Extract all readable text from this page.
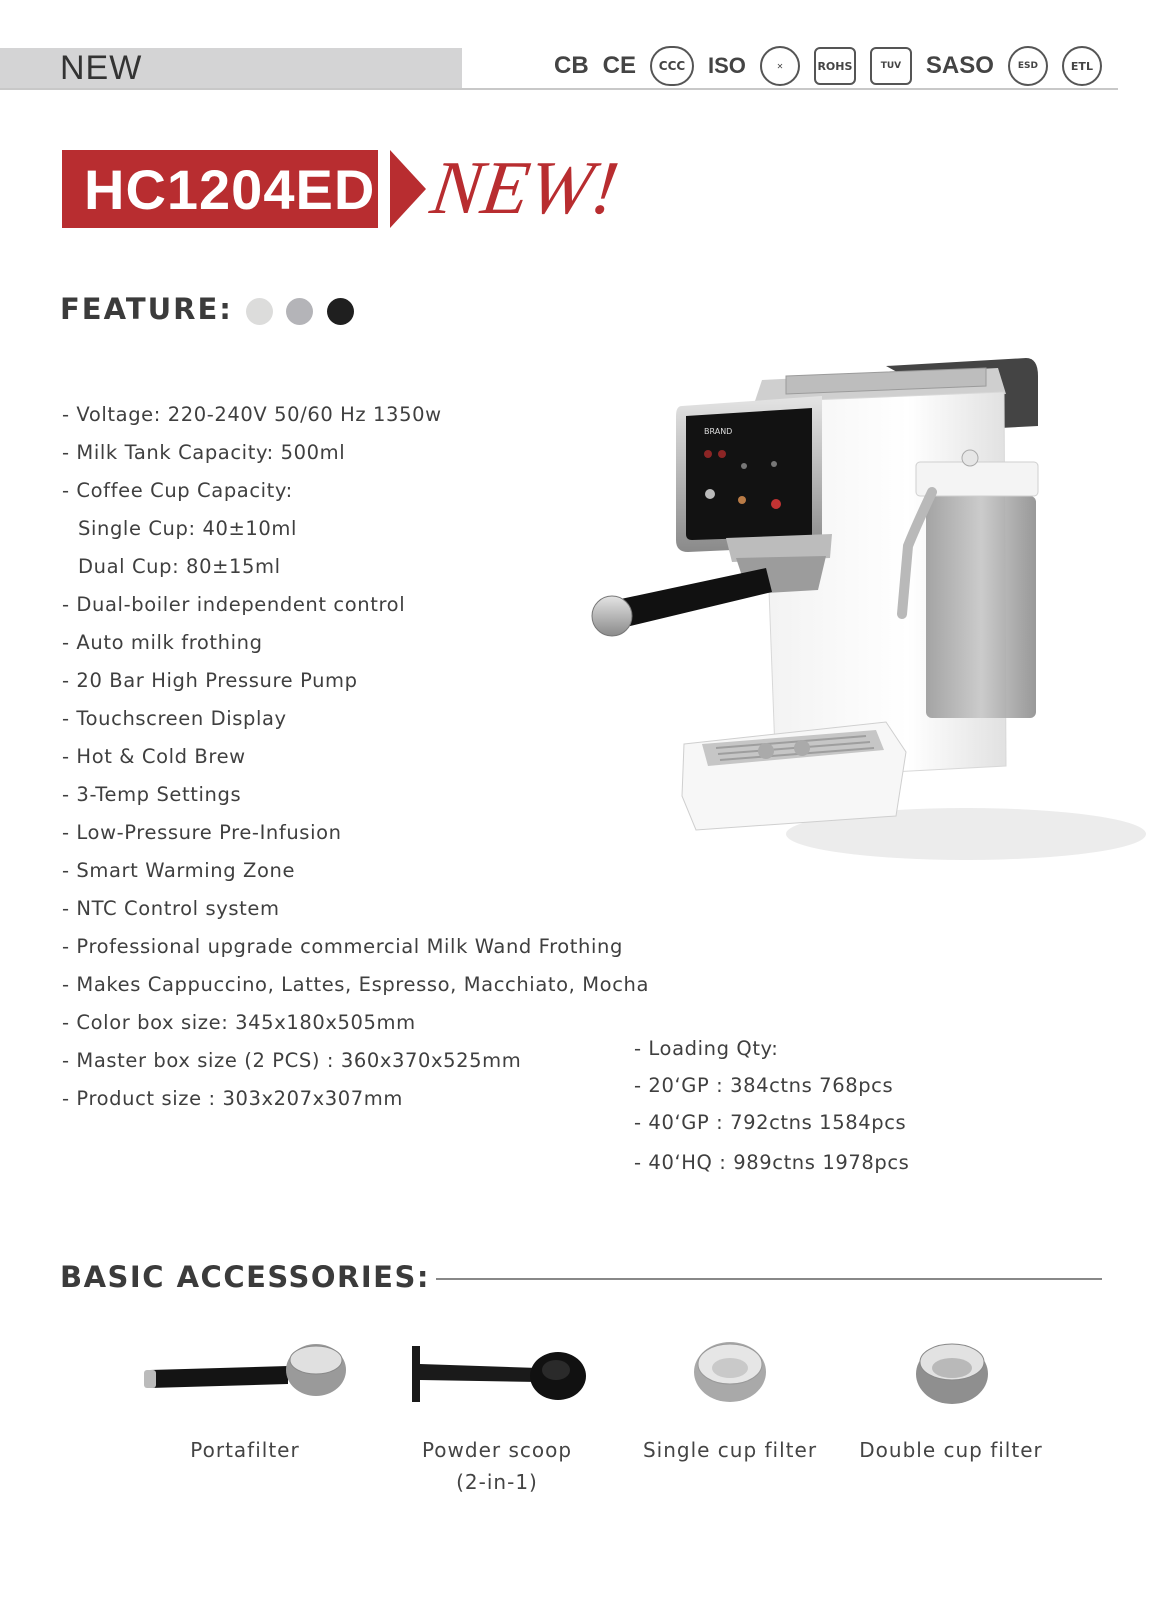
NEW	CB CE	CCC	ISO	✕	ROHS	TUV	SASO	ESD	ETL
HC1204ED NEW!
FEATURE:
- Voltage: 220-240V 50/60 Hz 1350w
- Milk Tank Capacity: 500ml
- Coffee Cup Capacity:
Single Cup: 40±10ml
Dual Cup: 80±15ml
- Dual-boiler independent control
- Auto milk frothing
- 20 Bar High Pressure Pump
- Touchscreen Display
- Hot & Cold Brew
- 3-Temp Settings
- Low-Pressure Pre-Infusion
- Smart Warming Zone
- NTC Control system
- Professional upgrade commercial Milk Wand Frothing
- Makes Cappuccino, Lattes, Espresso, Macchiato, Mocha
- Color box size: 345x180x505mm
- Master box size (2 PCS) : 360x370x525mm
- Product size : 303x207x307mm
BRAND
- Loading Qty:
- 20‘GP : 384ctns 768pcs
- 40‘GP : 792ctns 1584pcs
- 40‘HQ : 989ctns 1978pcs
BASIC ACCESSORIES:
Portafilter	Powder scoop (2-in-1)
Single cup filter	Double cup filter
